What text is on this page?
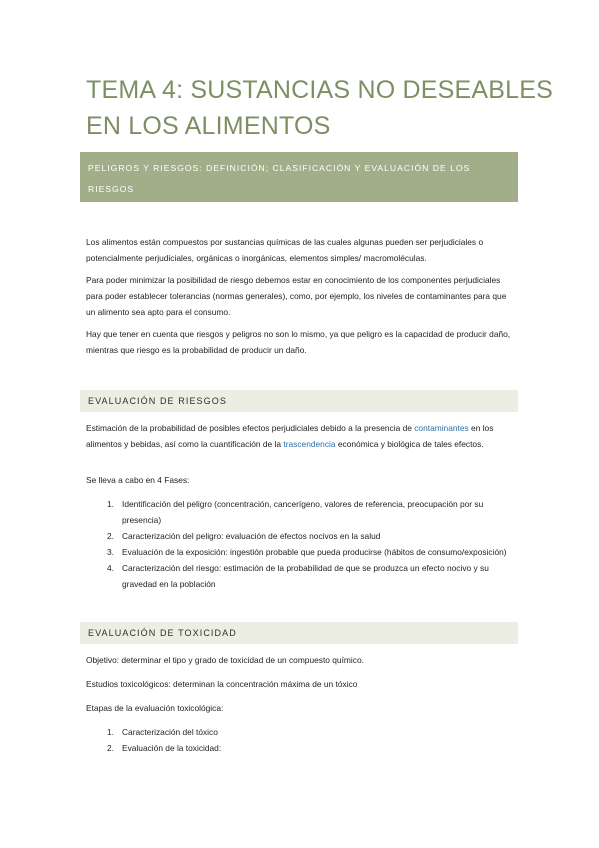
TEMA 4: SUSTANCIAS NO DESEABLES
EN LOS ALIMENTOS
PELIGROS Y RIESGOS: DEFINICIÓN; CLASIFICACIÓN Y EVALUACIÓN DE LOS
RIESGOS
Los alimentos están compuestos por sustancias químicas de las cuales algunas pueden ser perjudiciales o potencialmente perjudiciales, orgánicas o inorgánicas, elementos simples/ macromoléculas.
Para poder minimizar la posibilidad de riesgo debemos estar en conocimiento de los componentes perjudiciales para poder establecer tolerancias (normas generales), como, por ejemplo, los niveles de contaminantes para que un alimento sea apto para el consumo.
Hay que tener en cuenta que riesgos y peligros no son lo mismo, ya que peligro es la capacidad de producir daño, mientras que riesgo es la probabilidad de producir un daño.
EVALUACIÓN DE RIESGOS
Estimación de la probabilidad de posibles efectos perjudiciales debido a la presencia de contaminantes en los alimentos y bebidas, así como la cuantificación de la trascendencia económica y biológica de tales efectos.
Se lleva a cabo en 4 Fases:
1. Identificación del peligro (concentración, cancerígeno, valores de referencia, preocupación por su presencia)
2. Caracterización del peligro: evaluación de efectos nocivos en la salud
3. Evaluación de la exposición: ingestión probable que pueda producirse (hábitos de consumo/exposición)
4. Caracterización del riesgo: estimación de la probabilidad de que se produzca un efecto nocivo y su gravedad en la población
EVALUACIÓN DE TOXICIDAD
Objetivo: determinar el tipo y grado de toxicidad de un compuesto químico.
Estudios toxicológicos: determinan la concentración máxima de un tóxico
Etapas de la evaluación toxicológica:
1. Caracterización del tóxico
2. Evaluación de la toxicidad:
